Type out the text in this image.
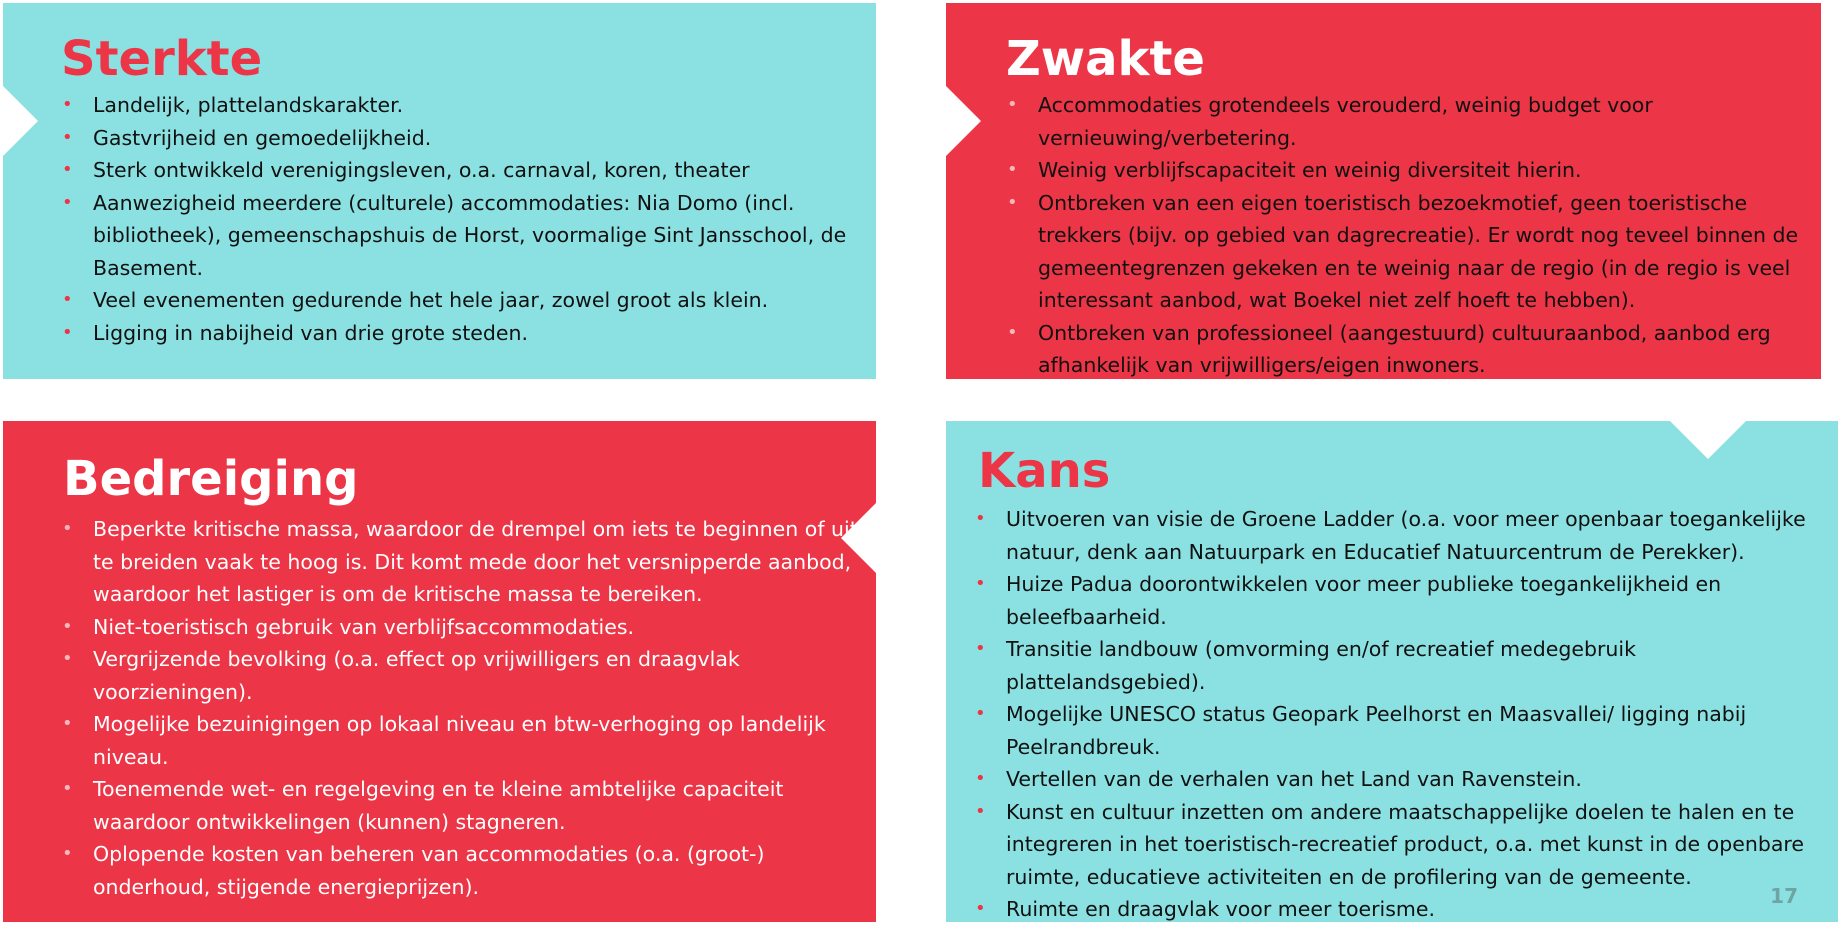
Sterkte
• Landelijk, plattelandskarakter.
• Gastvrijheid en gemoedelijkheid.
• Sterk ontwikkeld verenigingsleven, o.a. carnaval, koren, theater
• Aanwezigheid meerdere (culturele) accommodaties: Nia Domo (incl. bibliotheek), gemeenschapshuis de Horst, voormalige Sint Jansschool, de Basement.
• Veel evenementen gedurende het hele jaar, zowel groot als klein.
• Ligging in nabijheid van drie grote steden.
Zwakte
• Accommodaties grotendeels verouderd, weinig budget voor vernieuwing/verbetering.
• Weinig verblijfscapaciteit en weinig diversiteit hierin.
• Ontbreken van een eigen toeristisch bezoekmotief, geen toeristische trekkers (bijv. op gebied van dagrecreatie). Er wordt nog teveel binnen de gemeentegrenzen gekeken en te weinig naar de regio (in de regio is veel interessant aanbod, wat Boekel niet zelf hoeft te hebben).
• Ontbreken van professioneel (aangestuurd) cultuuraanbod, aanbod erg afhankelijk van vrijwilligers/eigen inwoners.
Bedreiging
• Beperkte kritische massa, waardoor de drempel om iets te beginnen of uit te breiden vaak te hoog is. Dit komt mede door het versnipperde aanbod, waardoor het lastiger is om de kritische massa te bereiken.
• Niet-toeristisch gebruik van verblijfsaccommodaties.
• Vergrijzende bevolking (o.a. effect op vrijwilligers en draagvlak voorzieningen).
• Mogelijke bezuinigingen op lokaal niveau en btw-verhoging op landelijk niveau.
• Toenemende wet- en regelgeving en te kleine ambtelijke capaciteit waardoor ontwikkelingen (kunnen) stagneren.
• Oplopende kosten van beheren van accommodaties (o.a. (groot-) onderhoud, stijgende energieprijzen).
Kans
• Uitvoeren van visie de Groene Ladder (o.a. voor meer openbaar toegankelijke natuur, denk aan Natuurpark en Educatief Natuurcentrum de Perekker).
• Huize Padua doorontwikkelen voor meer publieke toegankelijkheid en beleefbaarheid.
• Transitie landbouw (omvorming en/of recreatief medegebruik plattelandsgebied).
• Mogelijke UNESCO status Geopark Peelhorst en Maasvallei/ ligging nabij Peelrandbreuk.
• Vertellen van de verhalen van het Land van Ravenstein.
• Kunst en cultuur inzetten om andere maatschappelijke doelen te halen en te integreren in het toeristisch-recreatief product, o.a. met kunst in de openbare ruimte, educatieve activiteiten en de profilering van de gemeente.
• Ruimte en draagvlak voor meer toerisme.
17
